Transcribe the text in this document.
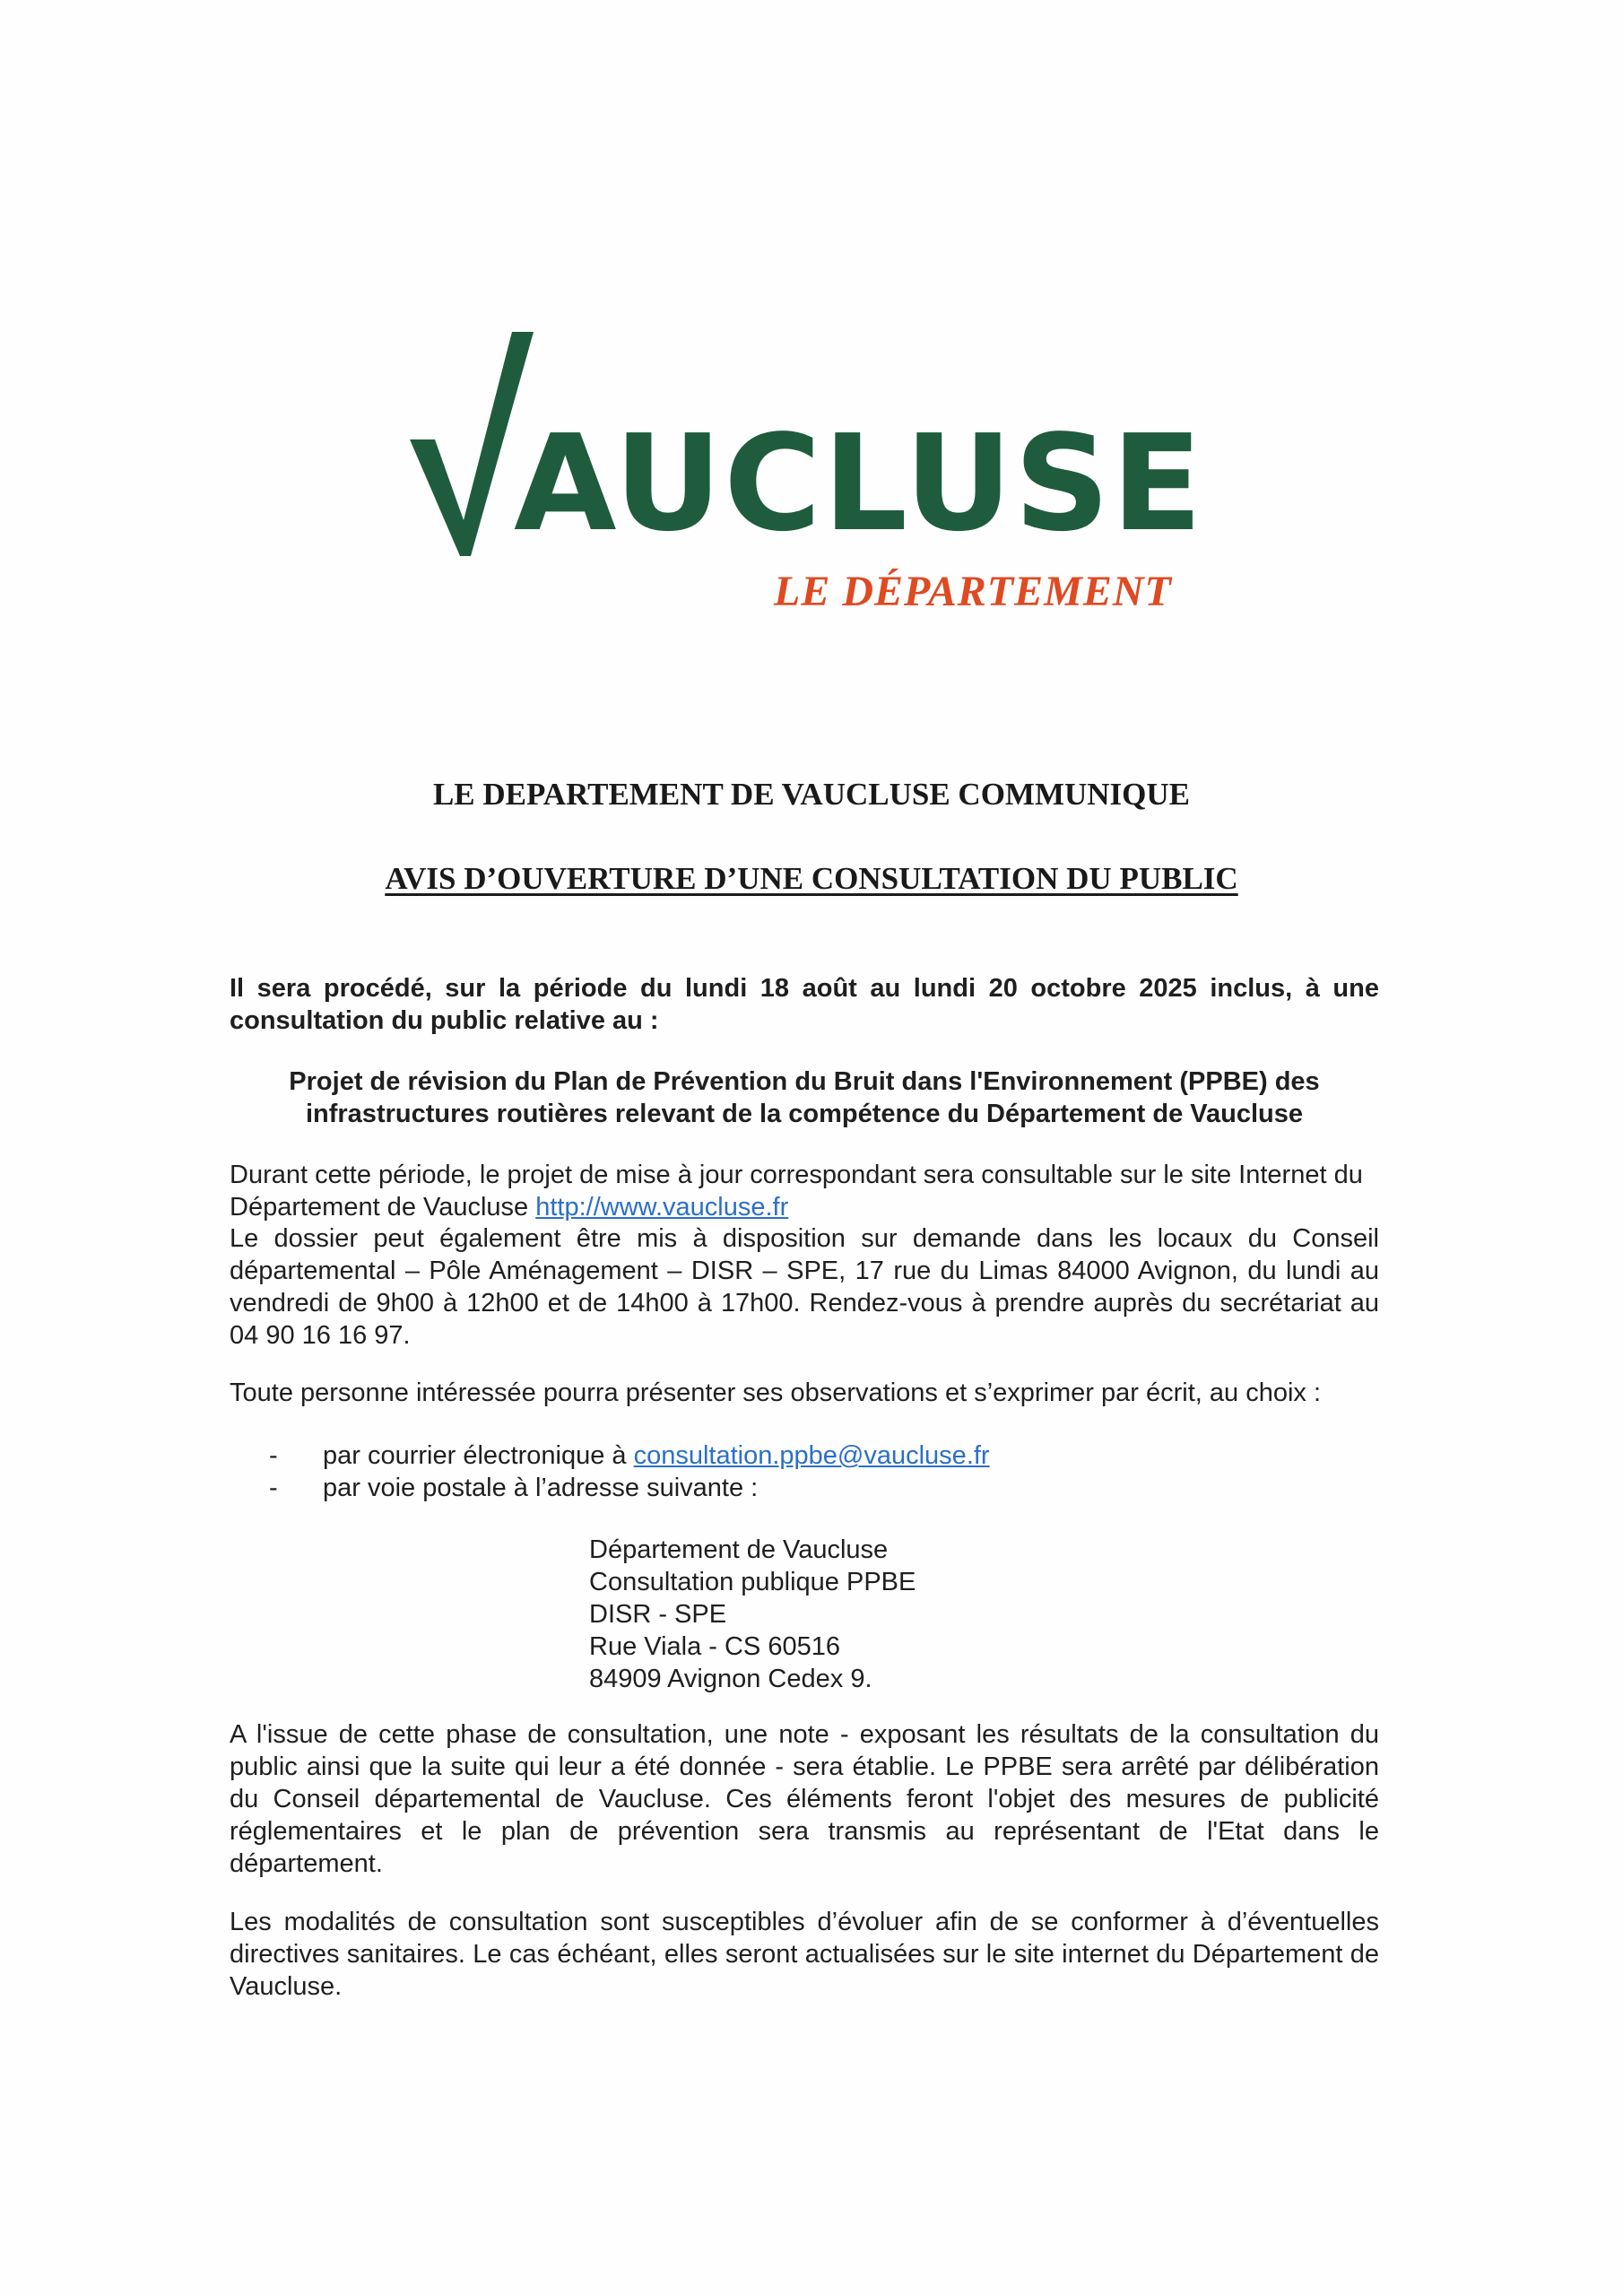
AUCLUSE
LE DÉPARTEMENT
LE DEPARTEMENT DE VAUCLUSE COMMUNIQUE
AVIS D’OUVERTURE D’UNE CONSULTATION DU PUBLIC
Il sera procédé, sur la période du lundi 18 août au lundi 20 octobre 2025 inclus, à une consultation du public relative au :
Projet de révision du Plan de Prévention du Bruit dans l'Environnement (PPBE) des
infrastructures routières relevant de la compétence du Département de Vaucluse
Durant cette période, le projet de mise à jour correspondant sera consultable sur le site Internet du Département de Vaucluse http://www.vaucluse.fr
Le dossier peut également être mis à disposition sur demande dans les locaux du Conseil départemental – Pôle Aménagement – DISR – SPE, 17 rue du Limas 84000 Avignon, du lundi au vendredi de 9h00 à 12h00 et de 14h00 à 17h00. Rendez-vous à prendre auprès du secrétariat au 04 90 16 16 97.
Toute personne intéressée pourra présenter ses observations et s’exprimer par écrit, au choix :
- par courrier électronique à consultation.ppbe@vaucluse.fr
- par voie postale à l’adresse suivante :
Département de Vaucluse
Consultation publique PPBE
DISR - SPE
Rue Viala - CS 60516
84909 Avignon Cedex 9.
A l'issue de cette phase de consultation, une note - exposant les résultats de la consultation du public ainsi que la suite qui leur a été donnée - sera établie. Le PPBE sera arrêté par délibération du Conseil départemental de Vaucluse. Ces éléments feront l'objet des mesures de publicité réglementaires et le plan de prévention sera transmis au représentant de l'Etat dans le département.
Les modalités de consultation sont susceptibles d’évoluer afin de se conformer à d’éventuelles directives sanitaires. Le cas échéant, elles seront actualisées sur le site internet du Département de Vaucluse.
